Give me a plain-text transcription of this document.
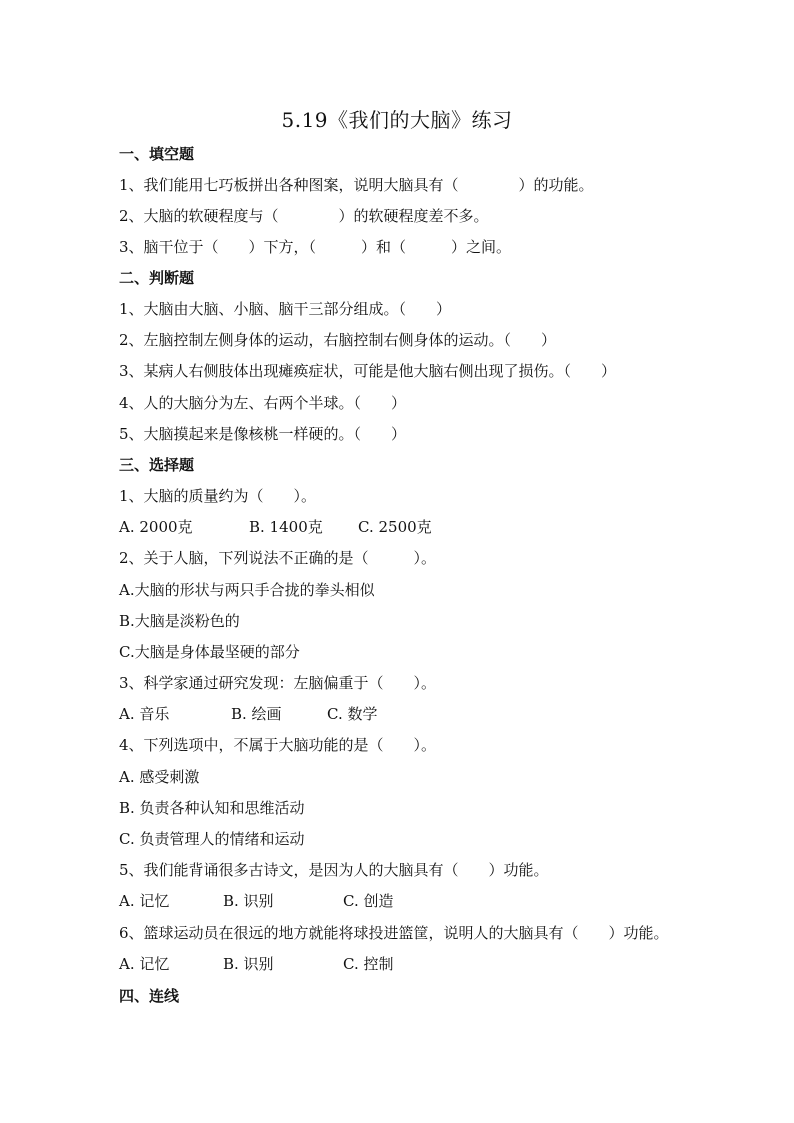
5.19《我们的大脑》练习
一、填空题
1、我们能用七巧板拼出各种图案，说明大脑具有（　　　　）的功能。
2、大脑的软硬程度与（　　　　）的软硬程度差不多。
3、脑干位于（　　）下方，（　　　）和（　　　）之间。
二、判断题
1、大脑由大脑、小脑、脑干三部分组成。（　　）
2、左脑控制左侧身体的运动，右脑控制右侧身体的运动。（　　）
3、某病人右侧肢体出现瘫痪症状，可能是他大脑右侧出现了损伤。（　　）
4、人的大脑分为左、右两个半球。（　　）
5、大脑摸起来是像核桃一样硬的。（　　）
三、选择题
1、大脑的质量约为（　　）。

A. 2000克

	B. 1400克

C. 2500克

2、关于人脑，下列说法不正确的是（　　　）。
A.大脑的形状与两只手合拢的拳头相似
B.大脑是淡粉色的
C.大脑是身体最坚硬的部分
3、科学家通过研究发现：左脑偏重于（　　）。

A. 音乐

	B. 绘画

	C. 数学

4、下列选项中，不属于大脑功能的是（　　）。
A. 感受刺激
B. 负责各种认知和思维活动
C. 负责管理人的情绪和运动
5、我们能背诵很多古诗文，是因为人的大脑具有（　　）功能。

A. 记忆

	B. 识别

	C. 创造

6、篮球运动员在很远的地方就能将球投进篮筐，说明人的大脑具有（　　）功能。

A. 记忆

	B. 识别

	C. 控制

四、连线
